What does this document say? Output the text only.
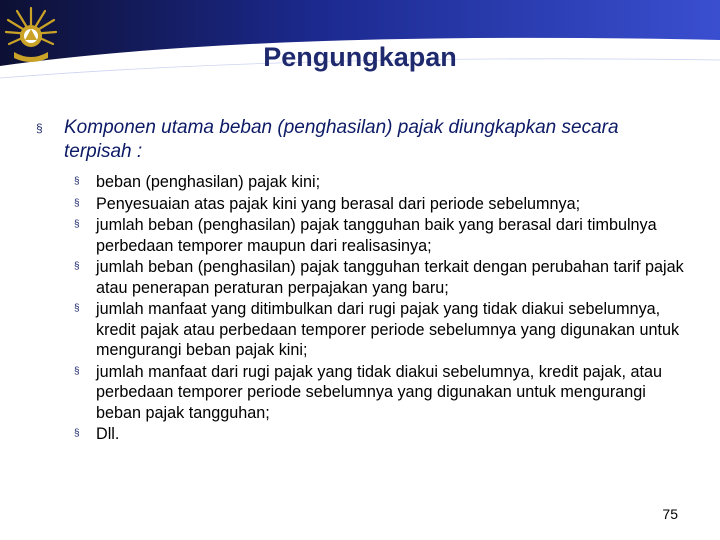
Pengungkapan
§	Komponen utama beban (penghasilan) pajak diungkapkan secara terpisah :
§	beban (penghasilan) pajak kini;
§	Penyesuaian atas pajak kini yang berasal dari periode sebelumnya;
§	jumlah beban (penghasilan) pajak tangguhan baik yang berasal dari timbulnya perbedaan temporer maupun dari realisasinya;
§	jumlah beban (penghasilan) pajak tangguhan terkait dengan perubahan tarif pajak atau penerapan peraturan perpajakan yang baru;
§	jumlah manfaat yang ditimbulkan dari rugi pajak yang tidak diakui sebelumnya, kredit pajak atau perbedaan temporer periode sebelumnya yang digunakan untuk mengurangi beban pajak kini;
§	jumlah manfaat dari rugi pajak yang tidak diakui sebelumnya, kredit pajak, atau perbedaan temporer periode sebelumnya yang digunakan untuk mengurangi beban pajak tangguhan;
§	Dll.
75
